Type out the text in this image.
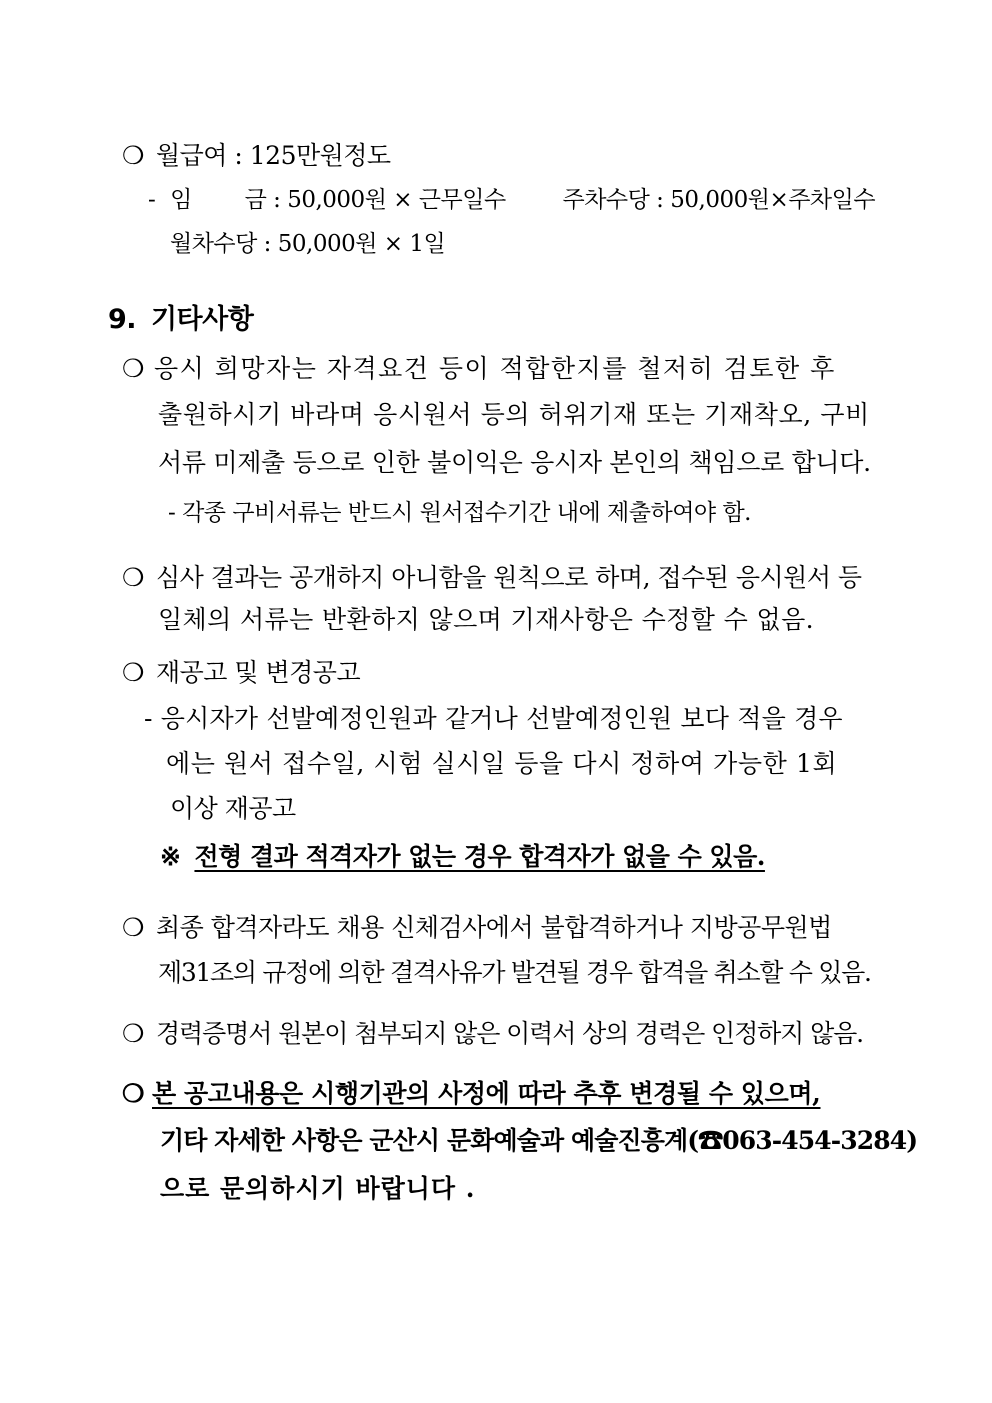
❍ 월급여 : 125만원정도
- 임 금 : 50,000원 × 근무일수 주차수당 : 50,000원×주차일수
월차수당 : 50,000원 × 1일
9. 기타사항
❍ 응시 희망자는 자격요건 등이 적합한지를 철저히 검토한 후
출원하시기 바라며 응시원서 등의 허위기재 또는 기재착오, 구비
서류 미제출 등으로 인한 불이익은 응시자 본인의 책임으로 합니다.
- 각종 구비서류는 반드시 원서접수기간 내에 제출하여야 함.
❍ 심사 결과는 공개하지 아니함을 원칙으로 하며, 접수된 응시원서 등
일체의 서류는 반환하지 않으며 기재사항은 수정할 수 없음.
❍ 재공고 및 변경공고
- 응시자가 선발예정인원과 같거나 선발예정인원 보다 적을 경우
에는 원서 접수일, 시험 실시일 등을 다시 정하여 가능한 1회
이상 재공고
※ 전형 결과 적격자가 없는 경우 합격자가 없을 수 있음.
❍ 최종 합격자라도 채용 신체검사에서 불합격하거나 지방공무원법
제31조의 규정에 의한 결격사유가 발견될 경우 합격을 취소할 수 있음.
❍ 경력증명서 원본이 첨부되지 않은 이력서 상의 경력은 인정하지 않음.
❍ 본 공고내용은 시행기관의 사정에 따라 추후 변경될 수 있으며,
기타 자세한 사항은 군산시 문화예술과 예술진흥계(☎063-454-3284)
으로 문의하시기 바랍니다 .
